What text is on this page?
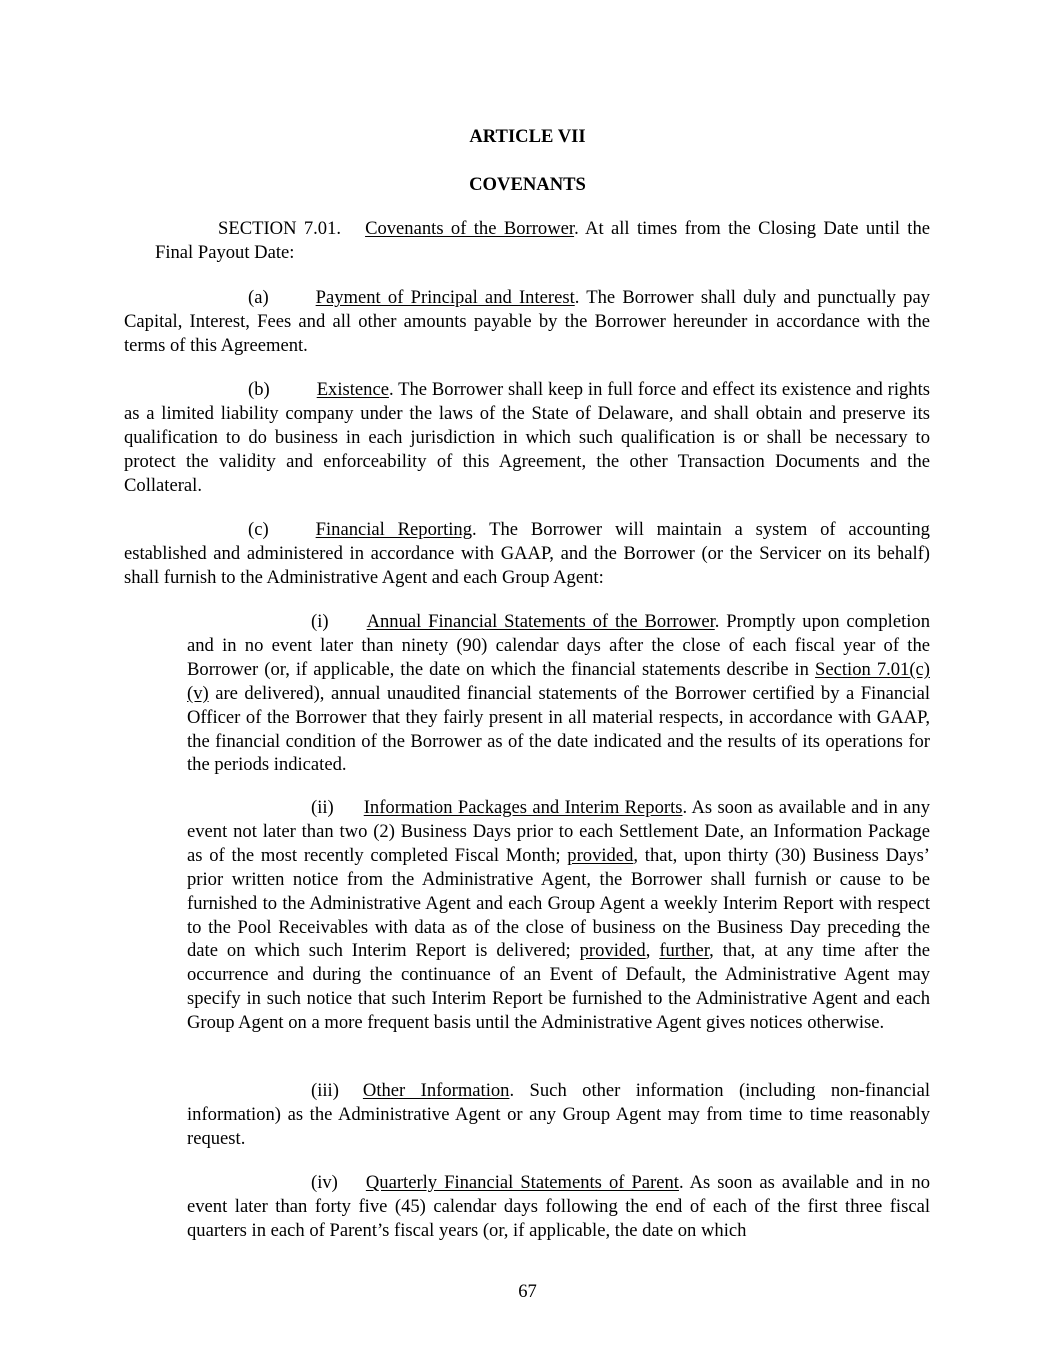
ARTICLE VII
COVENANTS
SECTION 7.01. Covenants of the Borrower. At all times from the Closing Date until the Final Payout Date:
(a)	Payment of Principal and Interest. The Borrower shall duly and punctually pay Capital, Interest, Fees and all other amounts payable by the Borrower hereunder in accordance with the terms of this Agreement.
(b)	Existence. The Borrower shall keep in full force and effect its existence and rights as a limited liability company under the laws of the State of Delaware, and shall obtain and preserve its qualification to do business in each jurisdiction in which such qualification is or shall be necessary to protect the validity and enforceability of this Agreement, the other Transaction Documents and the Collateral.
(c)	Financial Reporting. The Borrower will maintain a system of accounting established and administered in accordance with GAAP, and the Borrower (or the Servicer on its behalf) shall furnish to the Administrative Agent and each Group Agent:
(i) Annual Financial Statements of the Borrower. Promptly upon completion and in no event later than ninety (90) calendar days after the close of each fiscal year of the Borrower (or, if applicable, the date on which the financial statements describe in Section 7.01(c)(v) are delivered), annual unaudited financial statements of the Borrower certified by a Financial Officer of the Borrower that they fairly present in all material respects, in accordance with GAAP, the financial condition of the Borrower as of the date indicated and the results of its operations for the periods indicated.
(ii) Information Packages and Interim Reports. As soon as available and in any event not later than two (2) Business Days prior to each Settlement Date, an Information Package as of the most recently completed Fiscal Month; provided, that, upon thirty (30) Business Days’ prior written notice from the Administrative Agent, the Borrower shall furnish or cause to be furnished to the Administrative Agent and each Group Agent a weekly Interim Report with respect to the Pool Receivables with data as of the close of business on the Business Day preceding the date on which such Interim Report is delivered; provided, further, that, at any time after the occurrence and during the continuance of an Event of Default, the Administrative Agent may specify in such notice that such Interim Report be furnished to the Administrative Agent and each Group Agent on a more frequent basis until the Administrative Agent gives notices otherwise.
(iii) Other Information. Such other information (including non-financial information) as the Administrative Agent or any Group Agent may from time to time reasonably request.
(iv) Quarterly Financial Statements of Parent. As soon as available and in no event later than forty five (45) calendar days following the end of each of the first three fiscal quarters in each of Parent’s fiscal years (or, if applicable, the date on which
67
